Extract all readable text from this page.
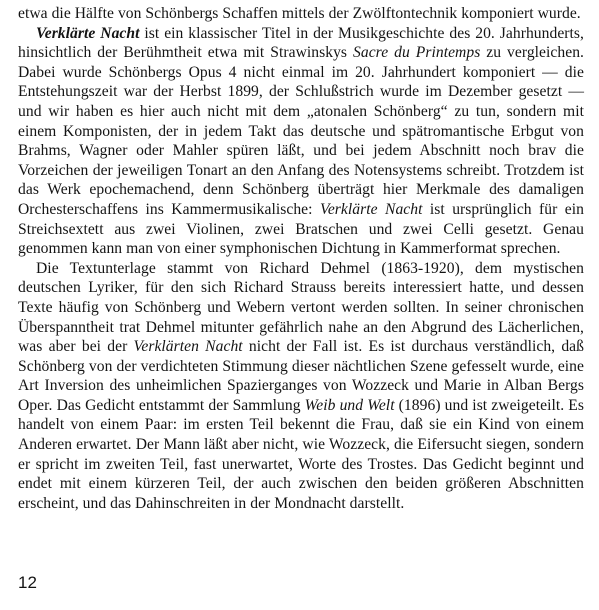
etwa die Hälfte von Schönbergs Schaffen mittels der Zwölftontechnik komponiert wurde.

Verklärte Nacht ist ein klassischer Titel in der Musikgeschichte des 20. Jahrhunderts, hinsichtlich der Berühmtheit etwa mit Strawinskys Sacre du Printemps zu vergleichen. Dabei wurde Schönbergs Opus 4 nicht einmal im 20. Jahrhundert komponiert — die Entstehungszeit war der Herbst 1899, der Schlußstrich wurde im Dezember gesetzt — und wir haben es hier auch nicht mit dem „atonalen Schönberg“ zu tun, sondern mit einem Komponisten, der in jedem Takt das deutsche und spätromantische Erbgut von Brahms, Wagner oder Mahler spüren läßt, und bei jedem Abschnitt noch brav die Vorzeichen der jeweiligen Tonart an den Anfang des Notensystems schreibt. Trotzdem ist das Werk epochemachend, denn Schönberg überträgt hier Merkmale des damaligen Orchesterschaffens ins Kammermusikalische: Verklärte Nacht ist ursprünglich für ein Streichsextett aus zwei Violinen, zwei Bratschen und zwei Celli gesetzt. Genau genommen kann man von einer symphonischen Dichtung in Kammerformat sprechen.

Die Textunterlage stammt von Richard Dehmel (1863-1920), dem mystischen deutschen Lyriker, für den sich Richard Strauss bereits interessiert hatte, und dessen Texte häufig von Schönberg und Webern vertont werden sollten. In seiner chronischen Überspanntheit trat Dehmel mitunter gefährlich nahe an den Abgrund des Lächerlichen, was aber bei der Verklärten Nacht nicht der Fall ist. Es ist durchaus verständlich, daß Schönberg von der verdichteten Stimmung dieser nächtlichen Szene gefesselt wurde, eine Art Inversion des unheimlichen Spazierganges von Wozzeck und Marie in Alban Bergs Oper. Das Gedicht entstammt der Sammlung Weib und Welt (1896) und ist zweigeteilt. Es handelt von einem Paar: im ersten Teil bekennt die Frau, daß sie ein Kind von einem Anderen erwartet. Der Mann läßt aber nicht, wie Wozzeck, die Eifersucht siegen, sondern er spricht im zweiten Teil, fast unerwartet, Worte des Trostes. Das Gedicht beginnt und endet mit einem kürzeren Teil, der auch zwischen den beiden größeren Abschnitten erscheint, und das Dahinschreiten in der Mondnacht darstellt.

12
